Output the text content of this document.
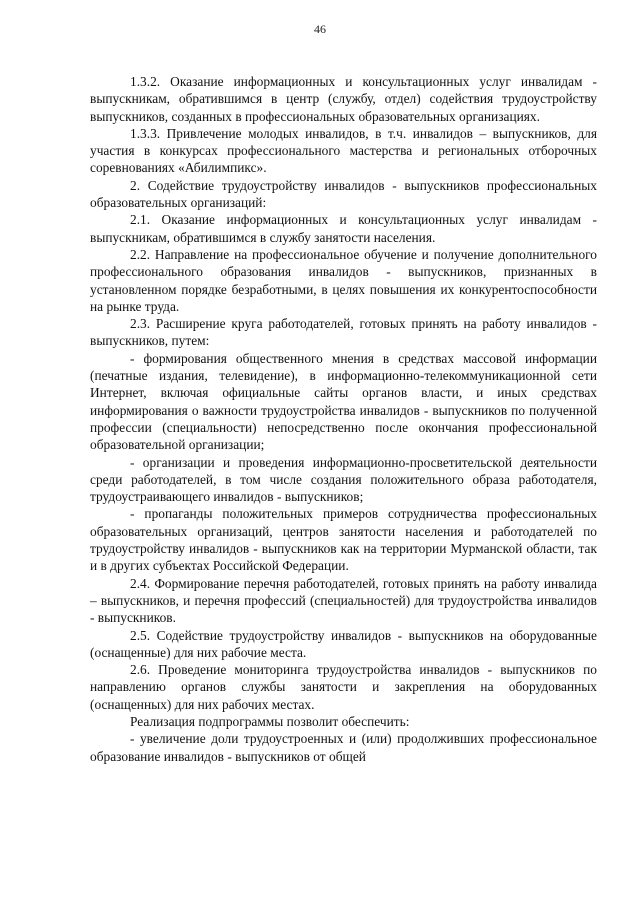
46

1.3.2. Оказание информационных и консультационных услуг инвалидам - выпускникам, обратившимся в центр (службу, отдел) содействия трудоустройству выпускников, созданных в профессиональных образовательных организациях.

1.3.3. Привлечение молодых инвалидов, в т.ч. инвалидов – выпускников, для участия в конкурсах профессионального мастерства и региональных отборочных соревнованиях «Абилимпикс».

2. Содействие трудоустройству инвалидов - выпускников профессиональных образовательных организаций:

2.1. Оказание информационных и консультационных услуг инвалидам - выпускникам, обратившимся в службу занятости населения.

2.2. Направление на профессиональное обучение и получение дополнительного профессионального образования инвалидов - выпускников, признанных в установленном порядке безработными, в целях повышения их конкурентоспособности на рынке труда.

2.3. Расширение круга работодателей, готовых принять на работу инвалидов - выпускников, путем:

- формирования общественного мнения в средствах массовой информации (печатные издания, телевидение), в информационно-телекоммуникационной сети Интернет, включая официальные сайты органов власти, и иных средствах информирования о важности трудоустройства инвалидов - выпускников по полученной профессии (специальности) непосредственно после окончания профессиональной образовательной организации;

- организации и проведения информационно-просветительской деятельности среди работодателей, в том числе создания положительного образа работодателя, трудоустраивающего инвалидов - выпускников;

- пропаганды положительных примеров сотрудничества профессиональных образовательных организаций, центров занятости населения и работодателей по трудоустройству инвалидов - выпускников как на территории Мурманской области, так и в других субъектах Российской Федерации.

2.4. Формирование перечня работодателей, готовых принять на работу инвалида – выпускников, и перечня профессий (специальностей) для трудоустройства инвалидов - выпускников.

2.5. Содействие трудоустройству инвалидов - выпускников на оборудованные (оснащенные) для них рабочие места.

2.6. Проведение мониторинга трудоустройства инвалидов - выпускников по направлению органов службы занятости и закрепления на оборудованных (оснащенных) для них рабочих местах.

Реализация подпрограммы позволит обеспечить:

- увеличение доли трудоустроенных и (или) продолживших профессиональное образование инвалидов - выпускников от общей
